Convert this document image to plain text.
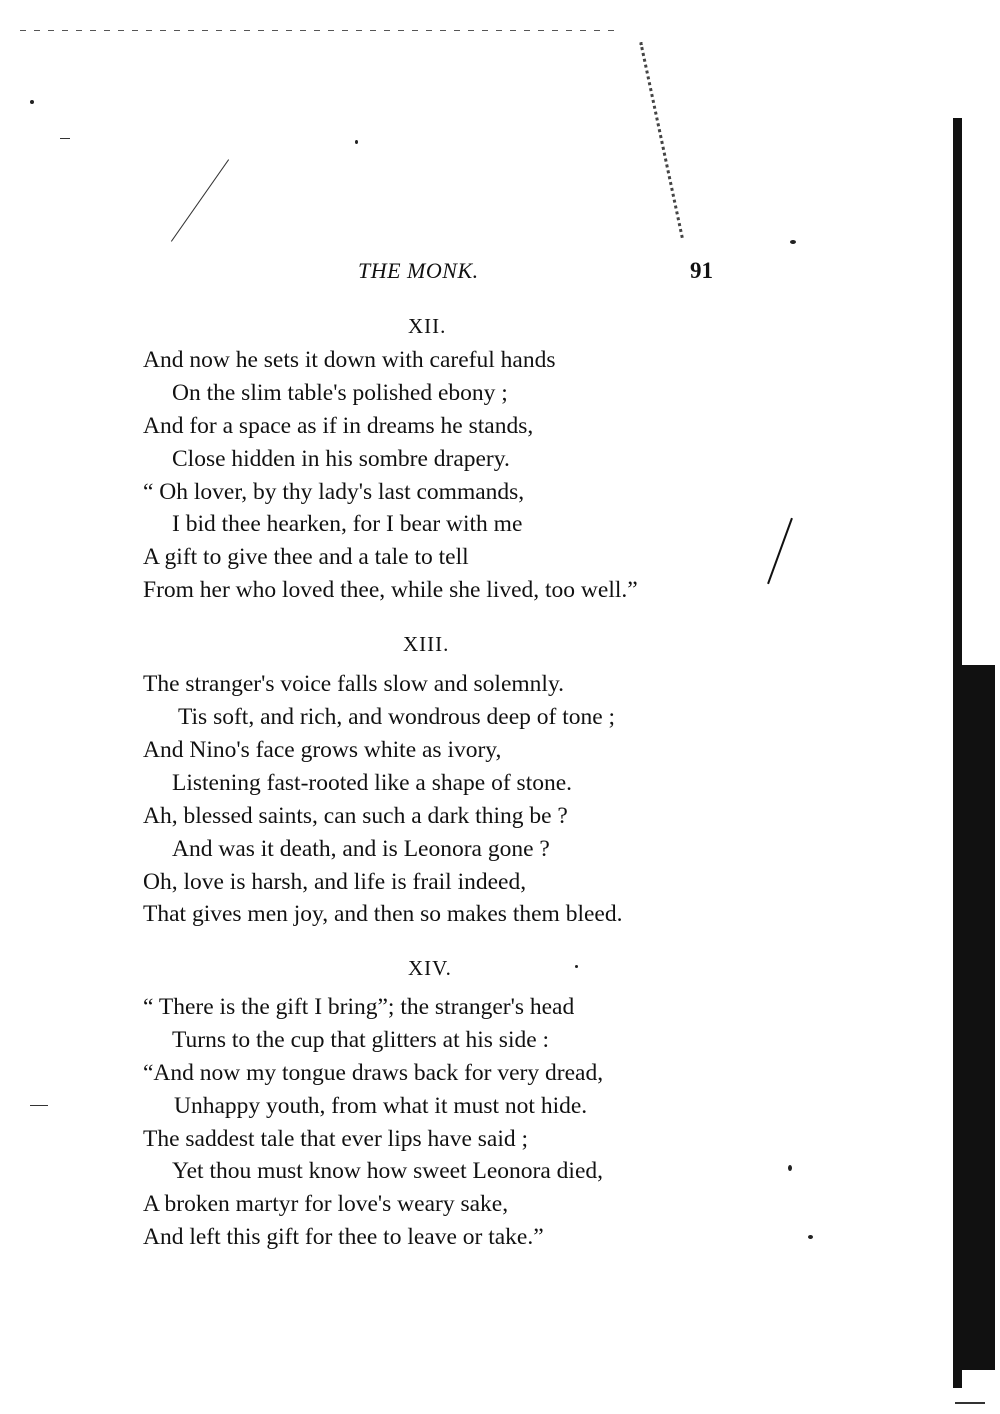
THE MONK.	91
XII.
And now he sets it down with careful hands
On the slim table's polished ebony ;
And for a space as if in dreams he stands,
Close hidden in his sombre drapery.
“ Oh lover, by thy lady's last commands,
I bid thee hearken, for I bear with me
A gift to give thee and a tale to tell
From her who loved thee, while she lived, too well.”
XIII.
The stranger's voice falls slow and solemnly.
Tis soft, and rich, and wondrous deep of tone ;
And Nino's face grows white as ivory,
Listening fast-rooted like a shape of stone.
Ah, blessed saints, can such a dark thing be ?
And was it death, and is Leonora gone ?
Oh, love is harsh, and life is frail indeed,
That gives men joy, and then so makes them bleed.
XIV.
“ There is the gift I bring”; the stranger's head
Turns to the cup that glitters at his side :
“And now my tongue draws back for very dread,
Unhappy youth, from what it must not hide.
The saddest tale that ever lips have said ;
Yet thou must know how sweet Leonora died,
A broken martyr for love's weary sake,
And left this gift for thee to leave or take.”
